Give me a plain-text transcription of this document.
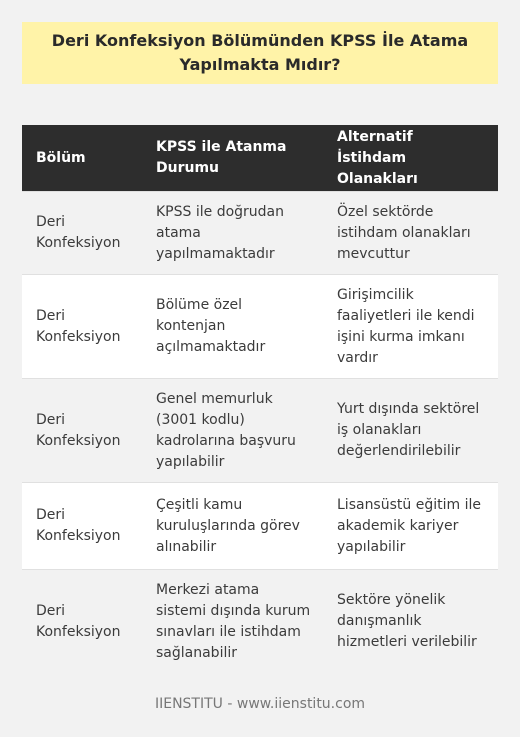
Deri Konfeksiyon Bölümünden KPSS İle Atama Yapılmakta Mıdır?
Bölüm	KPSS ile Atanma Durumu	Alternatif İstihdam Olanakları
Deri Konfeksiyon	KPSS ile doğrudan atama yapılmamaktadır	Özel sektörde istihdam olanakları mevcuttur
Deri Konfeksiyon	Bölüme özel kontenjan açılmamaktadır	Girişimcilik faaliyetleri ile kendi işini kurma imkanı vardır
Deri Konfeksiyon	Genel memurluk (3001 kodlu) kadrolarına başvuru yapılabilir	Yurt dışında sektörel iş olanakları değerlendirilebilir
Deri Konfeksiyon	Çeşitli kamu kuruluşlarında görev alınabilir	Lisansüstü eğitim ile akademik kariyer yapılabilir
Deri Konfeksiyon	Merkezi atama sistemi dışında kurum sınavları ile istihdam sağlanabilir	Sektöre yönelik danışmanlık hizmetleri verilebilir
IIENSTITU - www.iienstitu.com
